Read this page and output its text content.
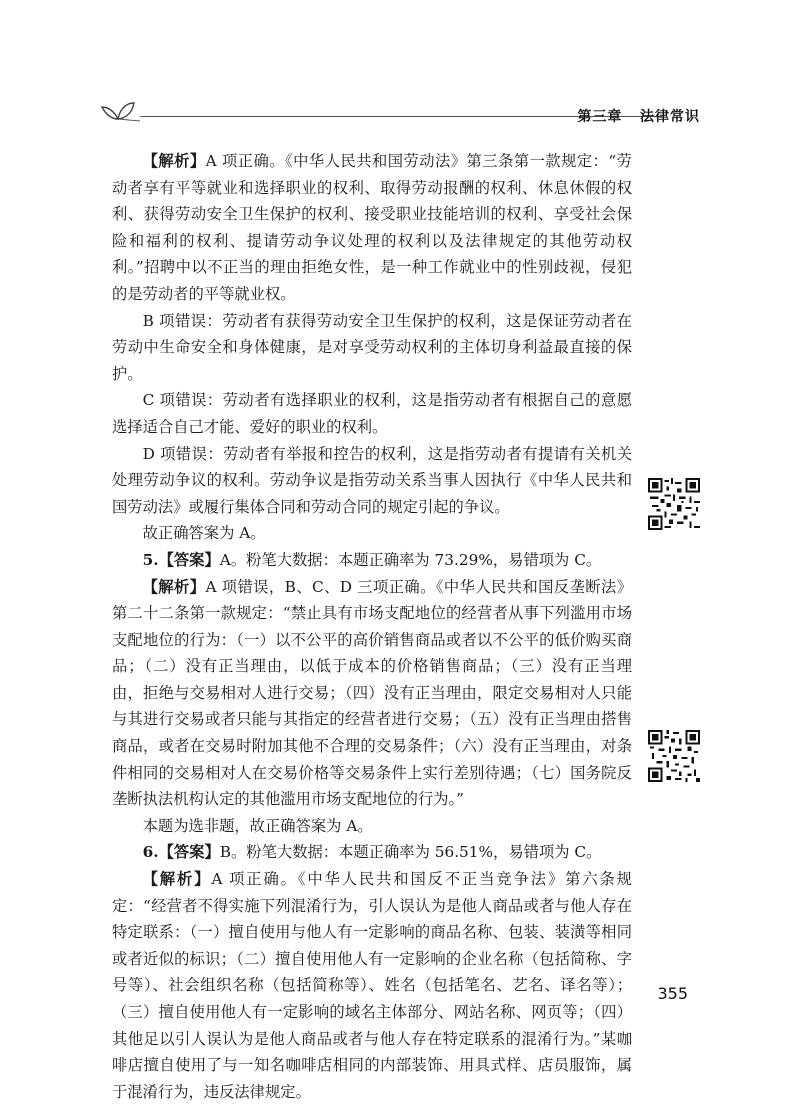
第三章 法律常识

【解析】A 项正确。《中华人民共和国劳动法》第三条第一款规定：“劳动者享有平等就业和选择职业的权利、取得劳动报酬的权利、休息休假的权利、获得劳动安全卫生保护的权利、接受职业技能培训的权利、享受社会保险和福利的权利、提请劳动争议处理的权利以及法律规定的其他劳动权利。”招聘中以不正当的理由拒绝女性，是一种工作就业中的性别歧视，侵犯的是劳动者的平等就业权。

B 项错误：劳动者有获得劳动安全卫生保护的权利，这是保证劳动者在劳动中生命安全和身体健康，是对享受劳动权利的主体切身利益最直接的保护。

C 项错误：劳动者有选择职业的权利，这是指劳动者有根据自己的意愿选择适合自己才能、爱好的职业的权利。

D 项错误：劳动者有举报和控告的权利，这是指劳动者有提请有关机关处理劳动争议的权利。劳动争议是指劳动关系当事人因执行《中华人民共和国劳动法》或履行集体合同和劳动合同的规定引起的争议。

故正确答案为 A。

5.【答案】A。粉笔大数据：本题正确率为 73.29%，易错项为 C。

【解析】A 项错误，B、C、D 三项正确。《中华人民共和国反垄断法》第二十二条第一款规定：“禁止具有市场支配地位的经营者从事下列滥用市场支配地位的行为：（一）以不公平的高价销售商品或者以不公平的低价购买商品；（二）没有正当理由，以低于成本的价格销售商品；（三）没有正当理由，拒绝与交易相对人进行交易；（四）没有正当理由，限定交易相对人只能与其进行交易或者只能与其指定的经营者进行交易；（五）没有正当理由搭售商品，或者在交易时附加其他不合理的交易条件；（六）没有正当理由，对条件相同的交易相对人在交易价格等交易条件上实行差别待遇；（七）国务院反垄断执法机构认定的其他滥用市场支配地位的行为。”

本题为选非题，故正确答案为 A。

6.【答案】B。粉笔大数据：本题正确率为 56.51%，易错项为 C。

【解析】A 项正确。《中华人民共和国反不正当竞争法》第六条规定：“经营者不得实施下列混淆行为，引人误认为是他人商品或者与他人存在特定联系：（一）擅自使用与他人有一定影响的商品名称、包装、装潢等相同或者近似的标识；（二）擅自使用他人有一定影响的企业名称（包括简称、字号等）、社会组织名称（包括简称等）、姓名（包括笔名、艺名、译名等）；（三）擅自使用他人有一定影响的域名主体部分、网站名称、网页等；（四）其他足以引人误认为是他人商品或者与他人存在特定联系的混淆行为。”某咖啡店擅自使用了与一知名咖啡店相同的内部装饰、用具式样、店员服饰，属于混淆行为，违反法律规定。

355
